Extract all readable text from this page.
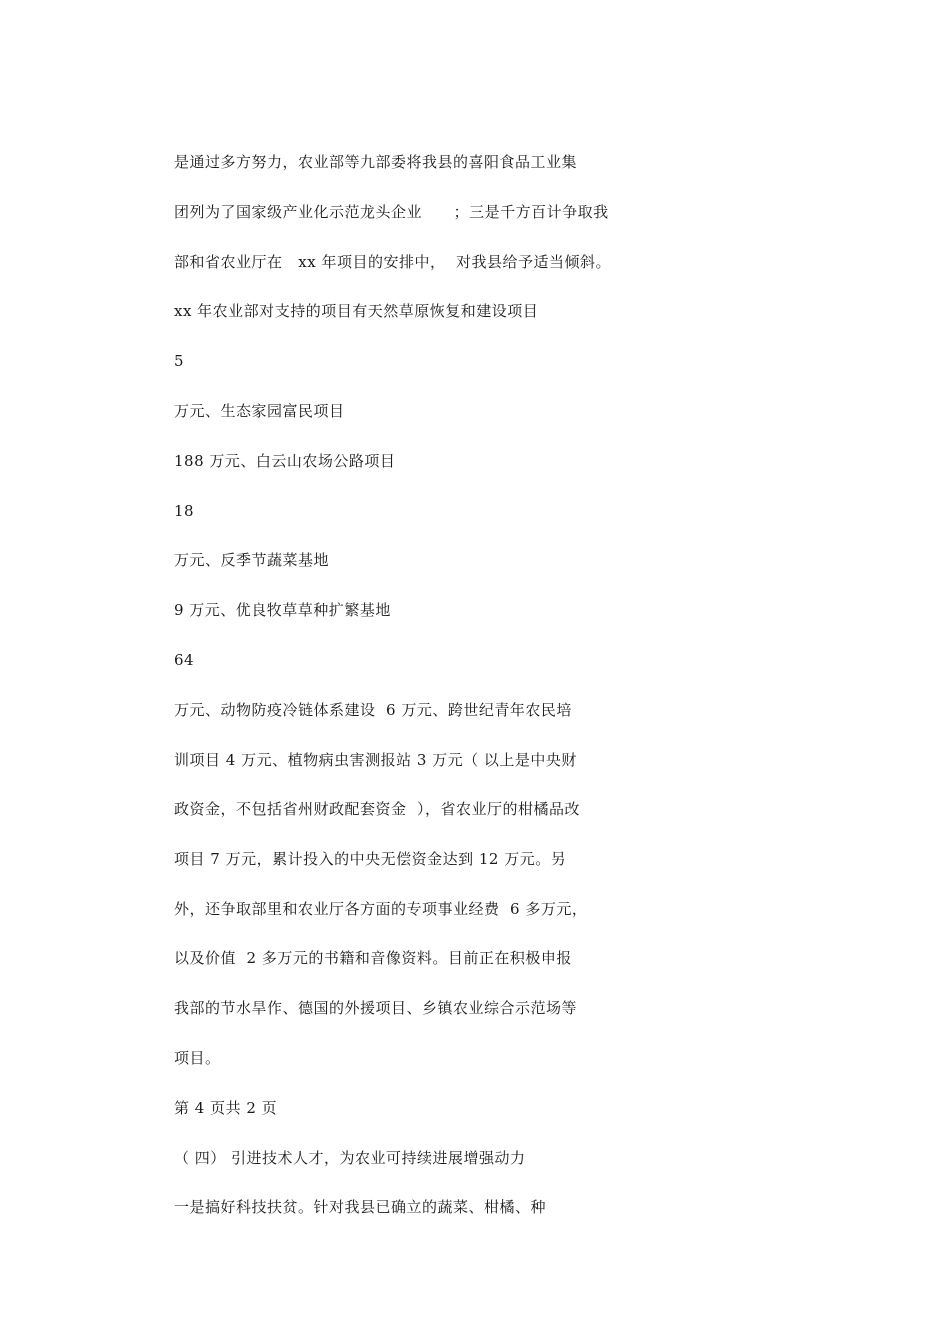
是通过多方努力，农业部等九部委将我县的喜阳食品工业集
团列为了国家级产业化示范龙头企业      ；三是千方百计争取我
部和省农业厅在   xx 年项目的安排中，  对我县给予适当倾斜。
xx 年农业部对支持的项目有天然草原恢复和建设项目
5
万元、生态家园富民项目
188 万元、白云山农场公路项目
18
万元、反季节蔬菜基地
9 万元、优良牧草草种扩繁基地
64
万元、动物防疫冷链体系建设  6 万元、跨世纪青年农民培
训项目 4 万元、植物病虫害测报站 3 万元（ 以上是中央财
政资金，不包括省州财政配套资金  ），省农业厅的柑橘品改
项目 7 万元，累计投入的中央无偿资金达到 12 万元。另
外，还争取部里和农业厅各方面的专项事业经费  6 多万元，
以及价值  2 多万元的书籍和音像资料。目前正在积极申报
我部的节水旱作、德国的外援项目、乡镇农业综合示范场等
项目。
第 4 页共 2 页
（ 四） 引进技术人才，为农业可持续进展增强动力
一是搞好科技扶贫。针对我县已确立的蔬菜、柑橘、种
